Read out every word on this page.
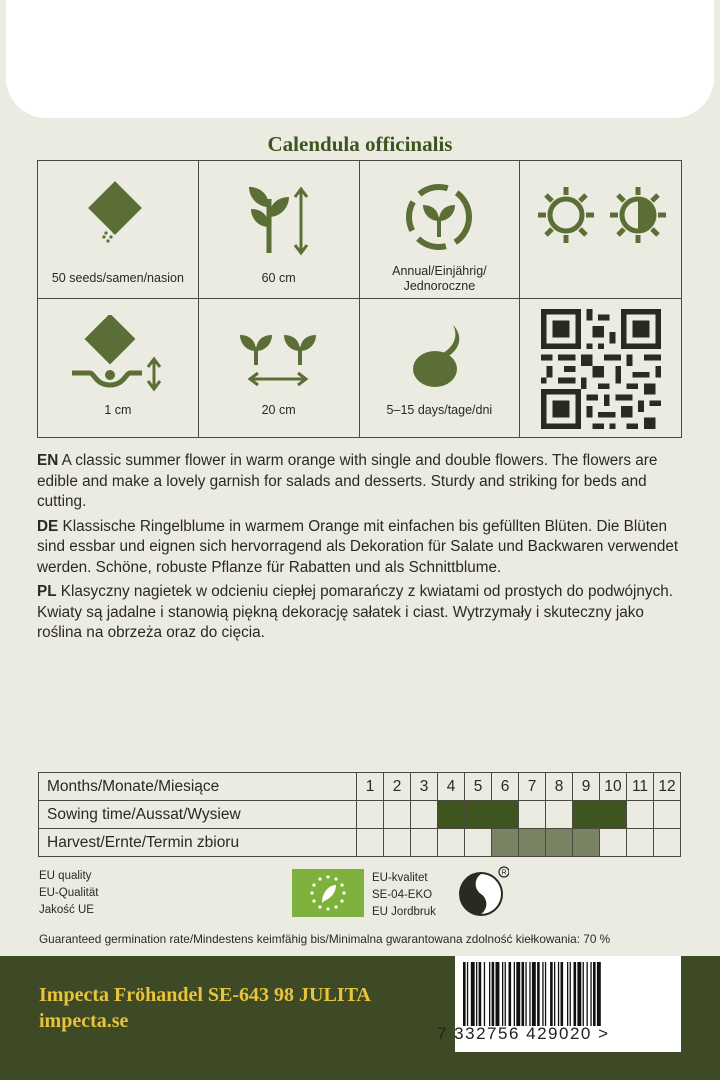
Calendula officinalis
50 seeds/samen/nasion	60 cm	Annual/Einjährig/
Jednoroczne
1 cm	20 cm	5–15 days/tage/dni

EN A classic summer flower in warm orange with single and double flowers. The flowers are edible and make a lovely garnish for salads and desserts. Sturdy and striking for beds and cutting.

DE Klassische Ringelblume in warmem Orange mit einfachen bis gefüllten Blüten. Die Blüten sind essbar und eignen sich hervorragend als Dekoration für Salate und Backwaren verwendet werden. Schöne, robuste Pflanze für Rabatten und als Schnittblume.

PL Klasyczny nagietek w odcieniu ciepłej pomarańczy z kwiatami od prostych do podwójnych. Kwiaty są jadalne i stanowią piękną dekorację sałatek i ciast. Wytrzymały i skuteczny jako roślina na obrzeża oraz do cięcia.

Months/Monate/Miesiące	1	2	3	4	5	6	7	8	9	10	11	12
Sowing time/Aussat/Wysiew												
Harvest/Ernte/Termin zbioru												
EU quality
EU-Qualität
Jakość UE
EU-kvalitet
SE-04-EKO
EU Jordbruk
R
Guaranteed germination rate/Mindestens keimfähig bis/Minimalna gwarantowana zdolność kiełkowania: 70 %
Impecta Fröhandel SE-643 98 JULITA
impecta.se
7 332756 429020 >
